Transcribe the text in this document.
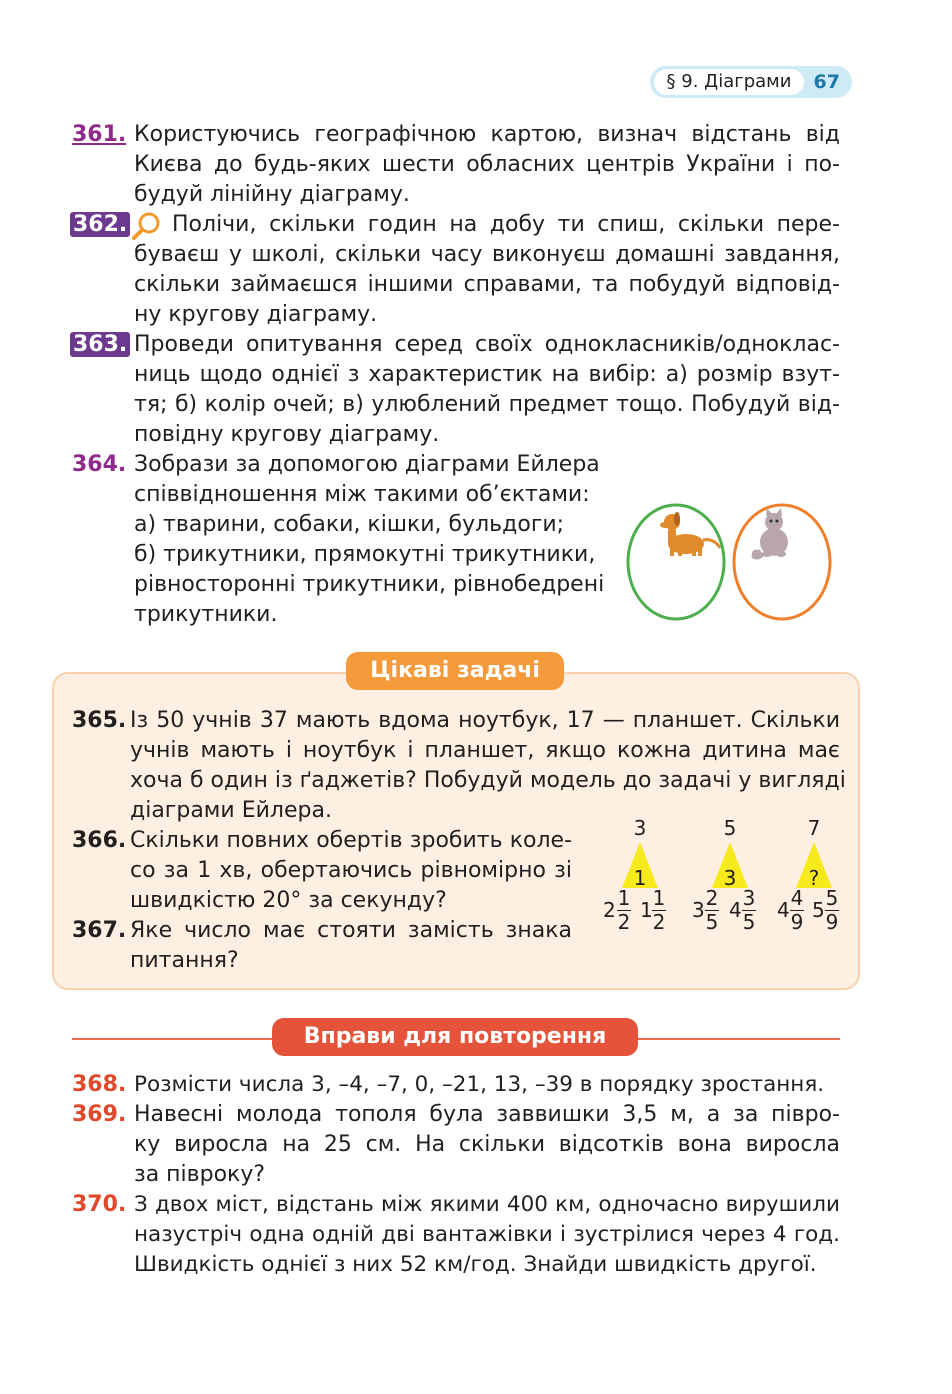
§ 9. Діаграми	67
361. Користуючись географічною картою, визнач відстань від
Києва до будь-яких шести обласних центрів України і по-
будуй лінійну діаграму.
362.	Полічи, скільки годин на добу ти спиш, скільки пере-
буваєш у школі, скільки часу виконуєш домашні завдання,
скільки займаєшся іншими справами, та побудуй відповід-
ну кругову діаграму.
363. Проведи опитування серед своїх однокласників/одноклас-
ниць щодо однієї з характеристик на вибір: а) розмір взут-
тя; б) колір очей; в) улюблений предмет тощо. Побудуй від-
повідну кругову діаграму.
364. Зобрази за допомогою діаграми Ейлера
співвідношення між такими об’єктами:
а) тварини, собаки, кішки, бульдоги;
б) трикутники, прямокутні трикутники,
рівносторонні трикутники, рівнобедрені
трикутники.
Цікаві задачі
365. Із 50 учнів 37 мають вдома ноутбук, 17 — планшет. Скільки
учнів мають і ноутбук і планшет, якщо кожна дитина має
хоча б один із ґаджетів? Побудуй модель до задачі у вигляді
діаграми Ейлера.
366. Скільки повних обертів зробить коле-
со за 1 хв, обертаючись рівномірно зі
швидкістю 20° за секунду?
367. Яке число має стояти замість знака
питання?
3
1
2 1
2 1 1
2
5
3
3 2
5 4 3
5
7
?
4 4
9 5 5
9
Вправи для повторення
368. Розмісти числа 3, –4, –7, 0, –21, 13, –39 в порядку зростання.
369. Навесні молода тополя була заввишки 3,5 м, а за півро-
ку виросла на 25 см. На скільки відсотків вона виросла
за півроку?
370. З двох міст, відстань між якими 400 км, одночасно вирушили
назустріч одна одній дві вантажівки і зустрілися через 4 год.
Швидкість однієї з них 52 км/год. Знайди швидкість другої.
